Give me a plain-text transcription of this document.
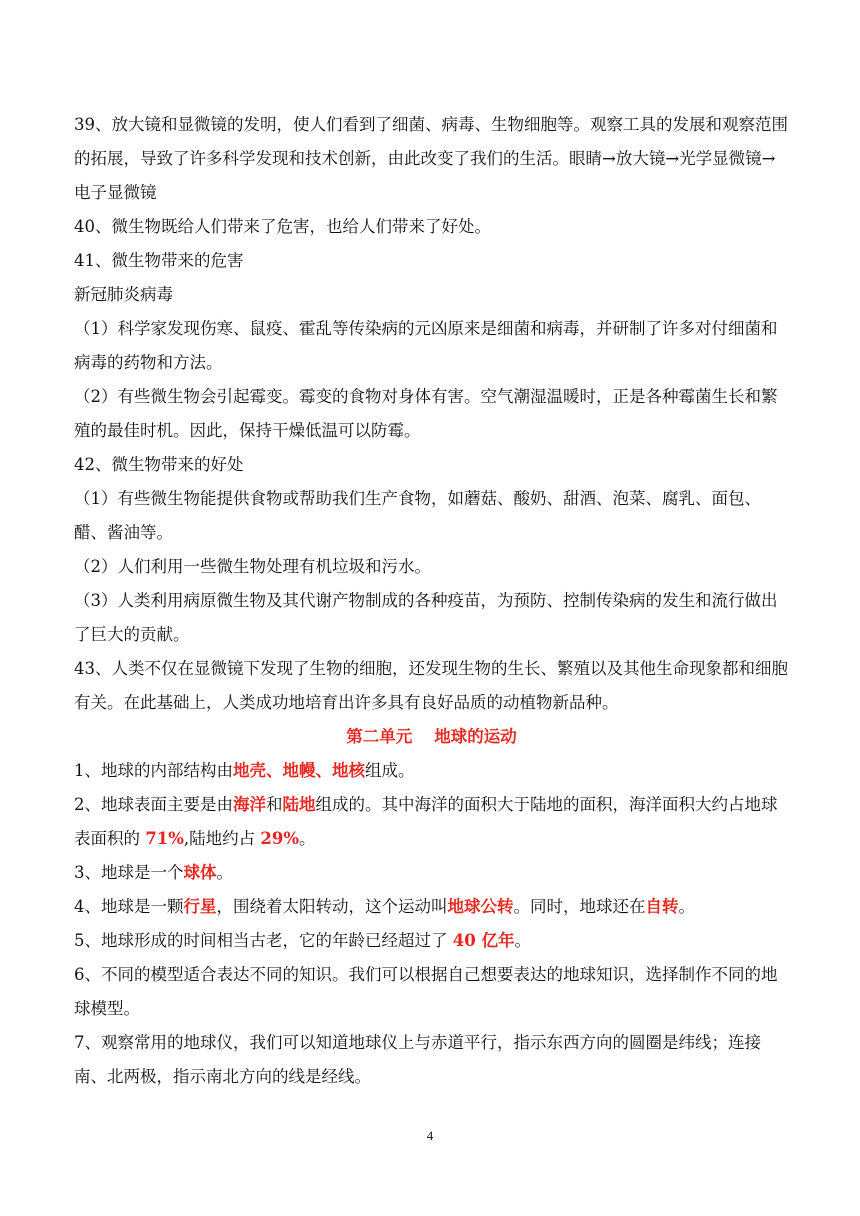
39、放大镜和显微镜的发明，使人们看到了细菌、病毒、生物细胞等。观察工具的发展和观察范围的拓展，导致了许多科学发现和技术创新，由此改变了我们的生活。眼睛→放大镜→光学显微镜→电子显微镜

40、微生物既给人们带来了危害，也给人们带来了好处。

41、微生物带来的危害

新冠肺炎病毒

（1）科学家发现伤寒、鼠疫、霍乱等传染病的元凶原来是细菌和病毒，并研制了许多对付细菌和病毒的药物和方法。

（2）有些微生物会引起霉变。霉变的食物对身体有害。空气潮湿温暖时，正是各种霉菌生长和繁殖的最佳时机。因此，保持干燥低温可以防霉。

42、微生物带来的好处

（1）有些微生物能提供食物或帮助我们生产食物，如蘑菇、酸奶、甜酒、泡菜、腐乳、面包、醋、酱油等。

（2）人们利用一些微生物处理有机垃圾和污水。

（3）人类利用病原微生物及其代谢产物制成的各种疫苗，为预防、控制传染病的发生和流行做出了巨大的贡献。

43、人类不仅在显微镜下发现了生物的细胞，还发现生物的生长、繁殖以及其他生命现象都和细胞有关。在此基础上，人类成功地培育出许多具有良好品质的动植物新品种。

第二单元 地球的运动

1、地球的内部结构由地壳、地幔、地核组成。

2、地球表面主要是由海洋和陆地组成的。其中海洋的面积大于陆地的面积，海洋面积大约占地球表面积的 71%,陆地约占 29%。

3、地球是一个球体。

4、地球是一颗行星，围绕着太阳转动，这个运动叫地球公转。同时，地球还在自转。

5、地球形成的时间相当古老，它的年龄已经超过了 40 亿年。

6、不同的模型适合表达不同的知识。我们可以根据自己想要表达的地球知识，选择制作不同的地球模型。

7、观察常用的地球仪，我们可以知道地球仪上与赤道平行，指示东西方向的圆圈是纬线；连接南、北两极，指示南北方向的线是经线。

4
